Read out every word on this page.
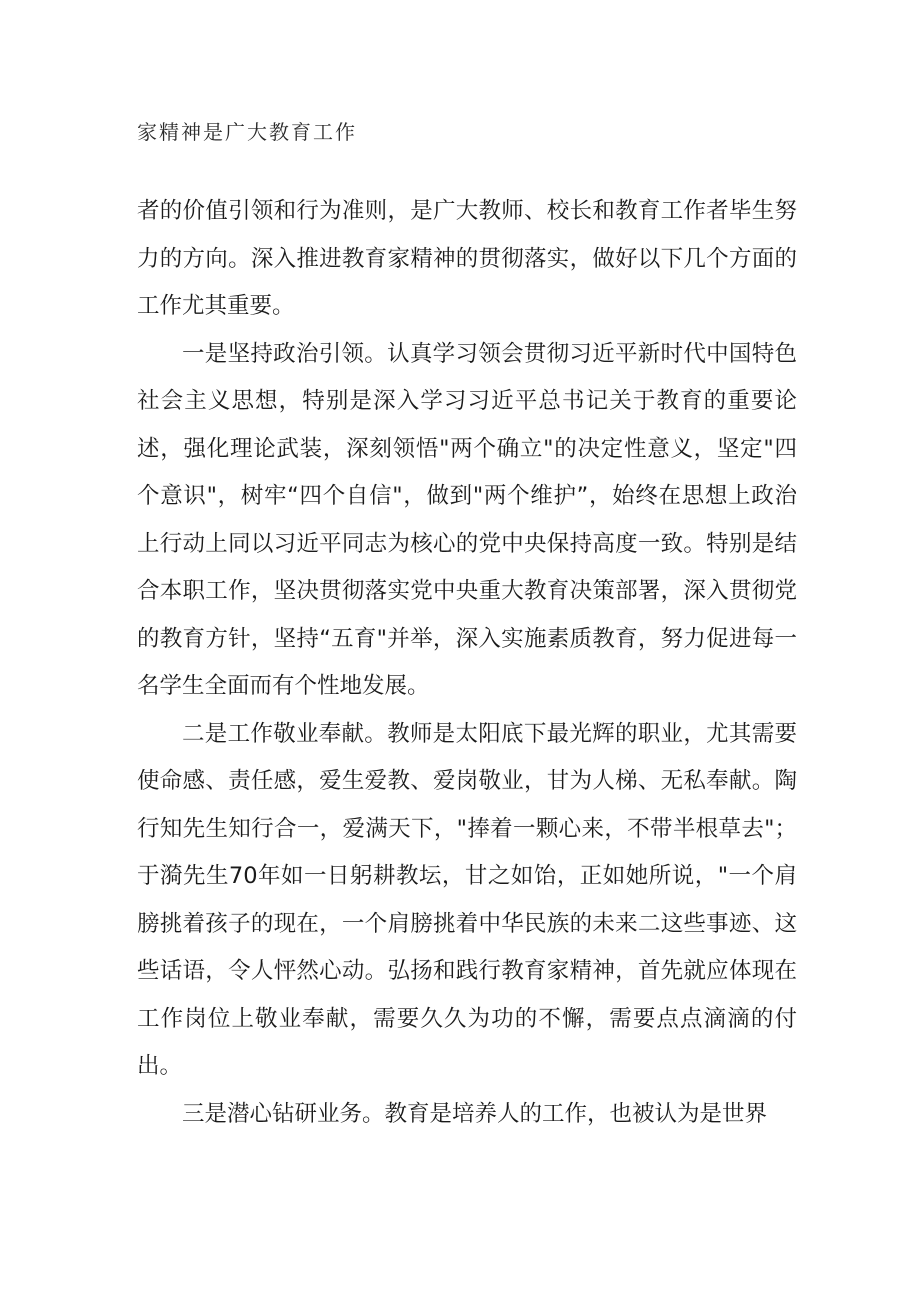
家精神是广大教育工作

者的价值引领和行为准则，是广大教师、校长和教育工作者毕生努力的方向。深入推进教育家精神的贯彻落实，做好以下几个方面的工作尤其重要。

一是坚持政治引领。认真学习领会贯彻习近平新时代中国特色社会主义思想，特别是深入学习习近平总书记关于教育的重要论述，强化理论武装，深刻领悟"两个确立"的决定性意义，坚定"四个意识"，树牢“四个自信"，做到"两个维护”，始终在思想上政治上行动上同以习近平同志为核心的党中央保持高度一致。特别是结合本职工作，坚决贯彻落实党中央重大教育决策部署，深入贯彻党的教育方针，坚持“五育"并举，深入实施素质教育，努力促进每一名学生全面而有个性地发展。

二是工作敬业奉献。教师是太阳底下最光辉的职业，尤其需要使命感、责任感，爱生爱教、爱岗敬业，甘为人梯、无私奉献。陶行知先生知行合一，爱满天下，"捧着一颗心来，不带半根草去"；于漪先生70年如一日躬耕教坛，甘之如饴，正如她所说，"一个肩膀挑着孩子的现在，一个肩膀挑着中华民族的未来二这些事迹、这些话语，令人怦然心动。弘扬和践行教育家精神，首先就应体现在工作岗位上敬业奉献，需要久久为功的不懈，需要点点滴滴的付出。

三是潜心钻研业务。教育是培养人的工作，也被认为是世界
